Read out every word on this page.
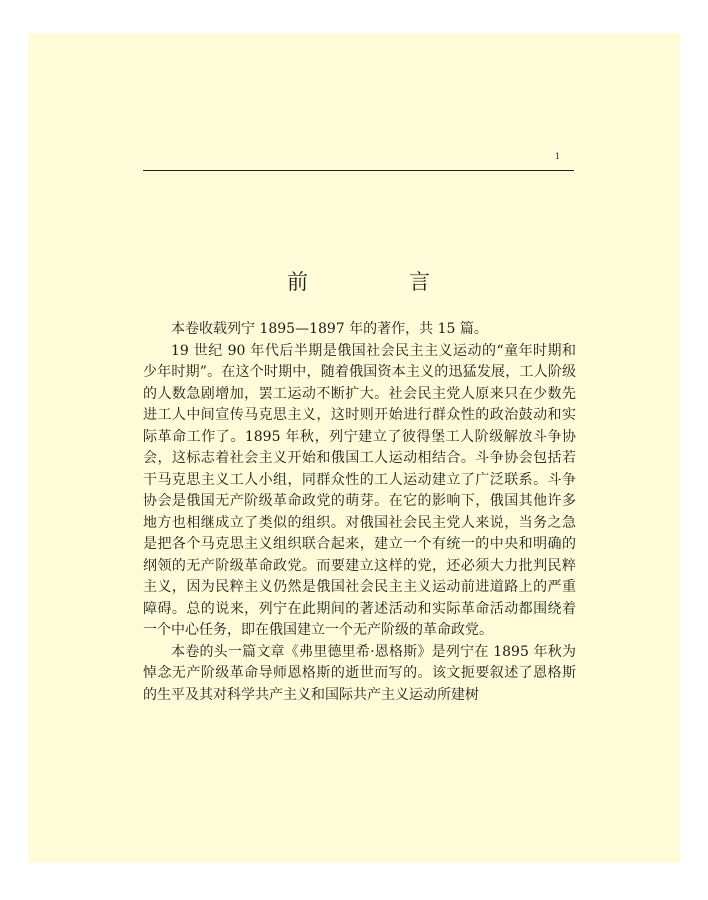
1
前　言

本卷收载列宁 1895—1897 年的著作，共 15 篇。

19 世纪 90 年代后半期是俄国社会民主主义运动的“童年时期和少年时期”。在这个时期中，随着俄国资本主义的迅猛发展，工人阶级的人数急剧增加，罢工运动不断扩大。社会民主党人原来只在少数先进工人中间宣传马克思主义，这时则开始进行群众性的政治鼓动和实际革命工作了。1895 年秋，列宁建立了彼得堡工人阶级解放斗争协会，这标志着社会主义开始和俄国工人运动相结合。斗争协会包括若干马克思主义工人小组，同群众性的工人运动建立了广泛联系。斗争协会是俄国无产阶级革命政党的萌芽。在它的影响下，俄国其他许多地方也相继成立了类似的组织。对俄国社会民主党人来说，当务之急是把各个马克思主义组织联合起来，建立一个有统一的中央和明确的纲领的无产阶级革命政党。而要建立这样的党，还必须大力批判民粹主义，因为民粹主义仍然是俄国社会民主主义运动前进道路上的严重障碍。总的说来，列宁在此期间的著述活动和实际革命活动都围绕着一个中心任务，即在俄国建立一个无产阶级的革命政党。

本卷的头一篇文章《弗里德里希·恩格斯》是列宁在 1895 年秋为悼念无产阶级革命导师恩格斯的逝世而写的。该文扼要叙述了恩格斯的生平及其对科学共产主义和国际共产主义运动所建树
